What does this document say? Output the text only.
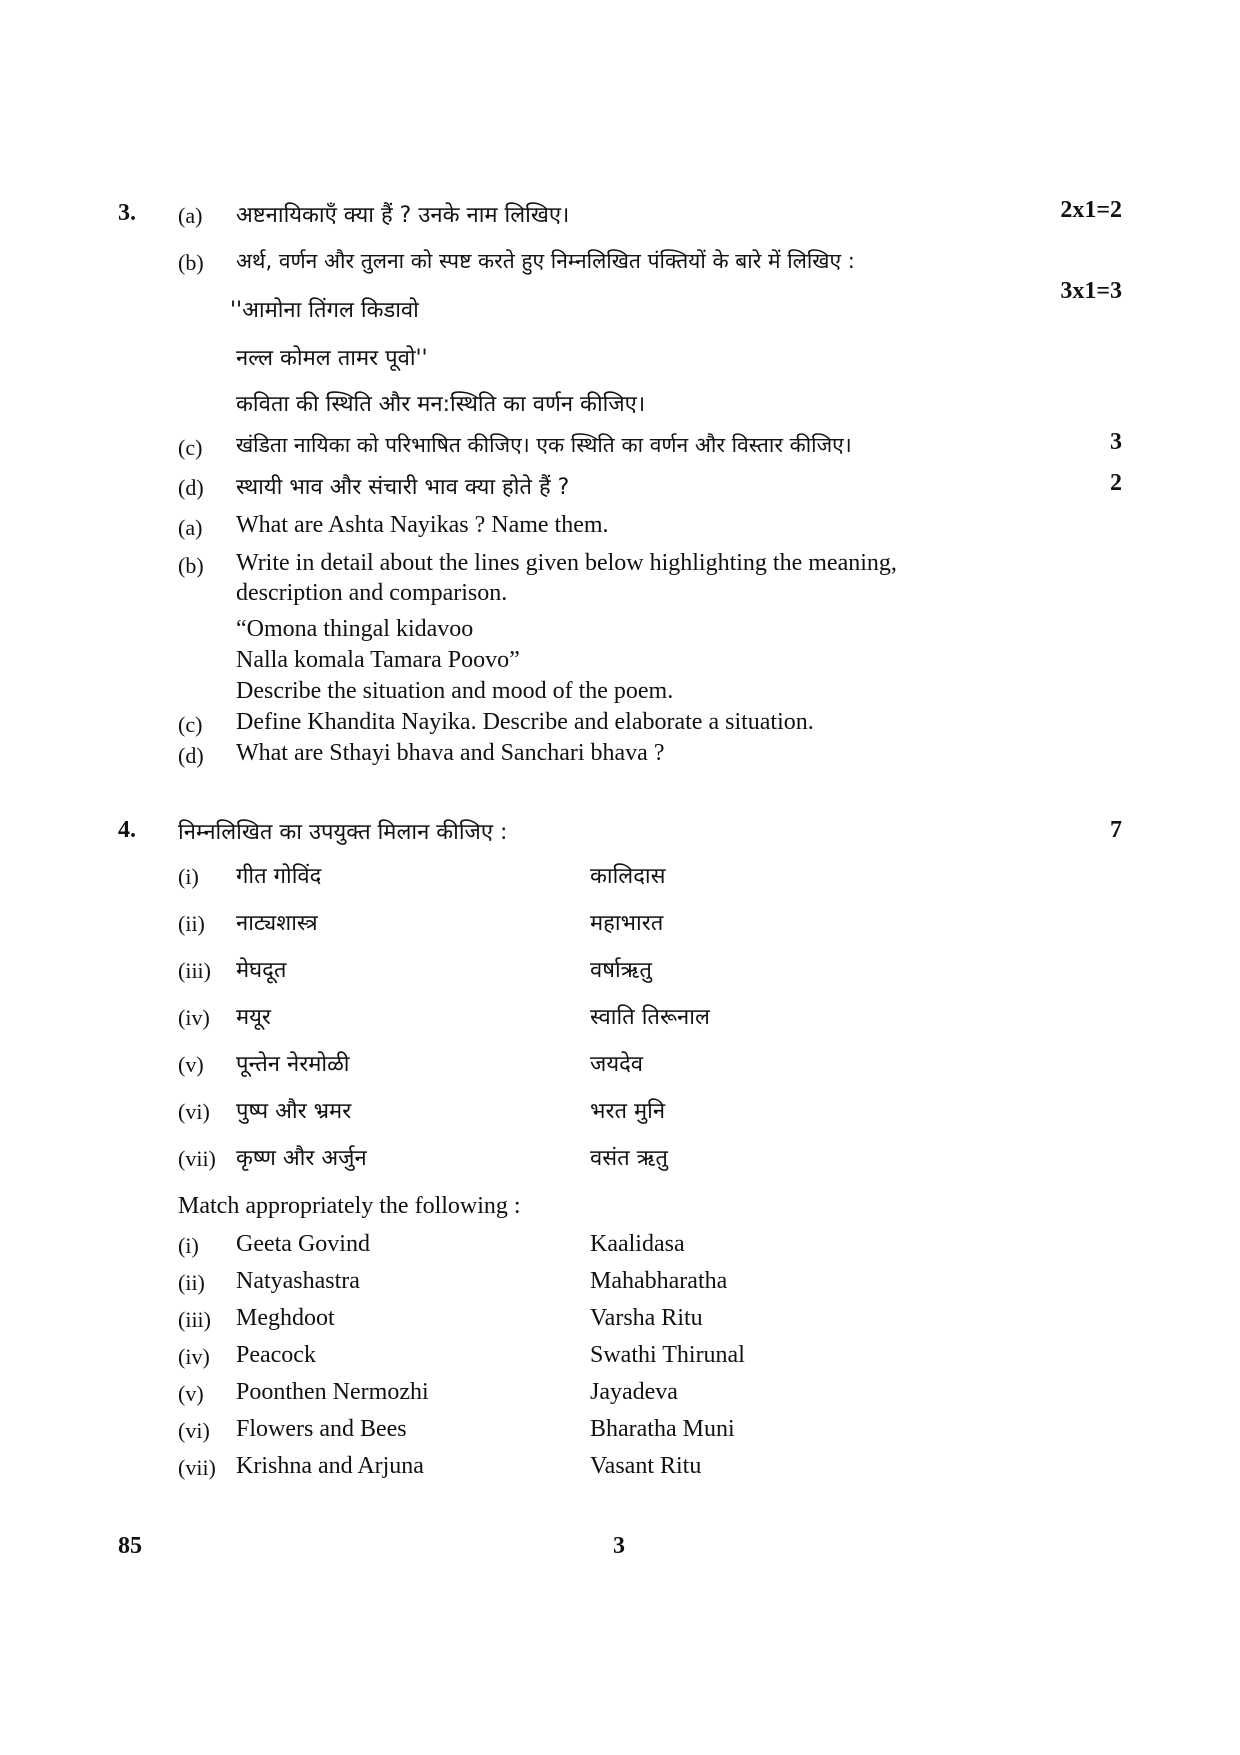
3. (a) अष्टनायिकाएँ क्या हैं ? उनके नाम लिखिए।	2x1=2
(b) अर्थ, वर्णन और तुलना को स्पष्ट करते हुए निम्नलिखित पंक्तियों के बारे में लिखिए :
3x1=3
''आमोना तिंगल किडावो
नल्ल कोमल तामर पूवो''
कविता की स्थिति और मन:स्थिति का वर्णन कीजिए।
(c) खंडिता नायिका को परिभाषित कीजिए। एक स्थिति का वर्णन और विस्तार कीजिए।	3
(d) स्थायी भाव और संचारी भाव क्या होते हैं ?	2
(a) What are Ashta Nayikas ? Name them.
(b) Write in detail about the lines given below highlighting the meaning,
description and comparison.
“Omona thingal kidavoo
Nalla komala Tamara Poovo”
Describe the situation and mood of the poem.
(c) Define Khandita Nayika. Describe and elaborate a situation.
(d) What are Sthayi bhava and Sanchari bhava ?
4. निम्नलिखित का उपयुक्त मिलान कीजिए :	7
(i) गीत गोविंद	कालिदास
(ii) नाट्यशास्त्र	महाभारत
(iii) मेघदूत	वर्षाऋतु
(iv) मयूर	स्वाति तिरूनाल
(v) पून्तेन नेरमोळी	जयदेव
(vi) पुष्प और भ्रमर	भरत मुनि
(vii) कृष्ण और अर्जुन	वसंत ऋतु
Match appropriately the following :
(i) Geeta Govind	Kaalidasa
(ii) Natyashastra	Mahabharatha
(iii) Meghdoot	Varsha Ritu
(iv) Peacock	Swathi Thirunal
(v) Poonthen Nermozhi	Jayadeva
(vi) Flowers and Bees	Bharatha Muni
(vii) Krishna and Arjuna	Vasant Ritu
85	3
